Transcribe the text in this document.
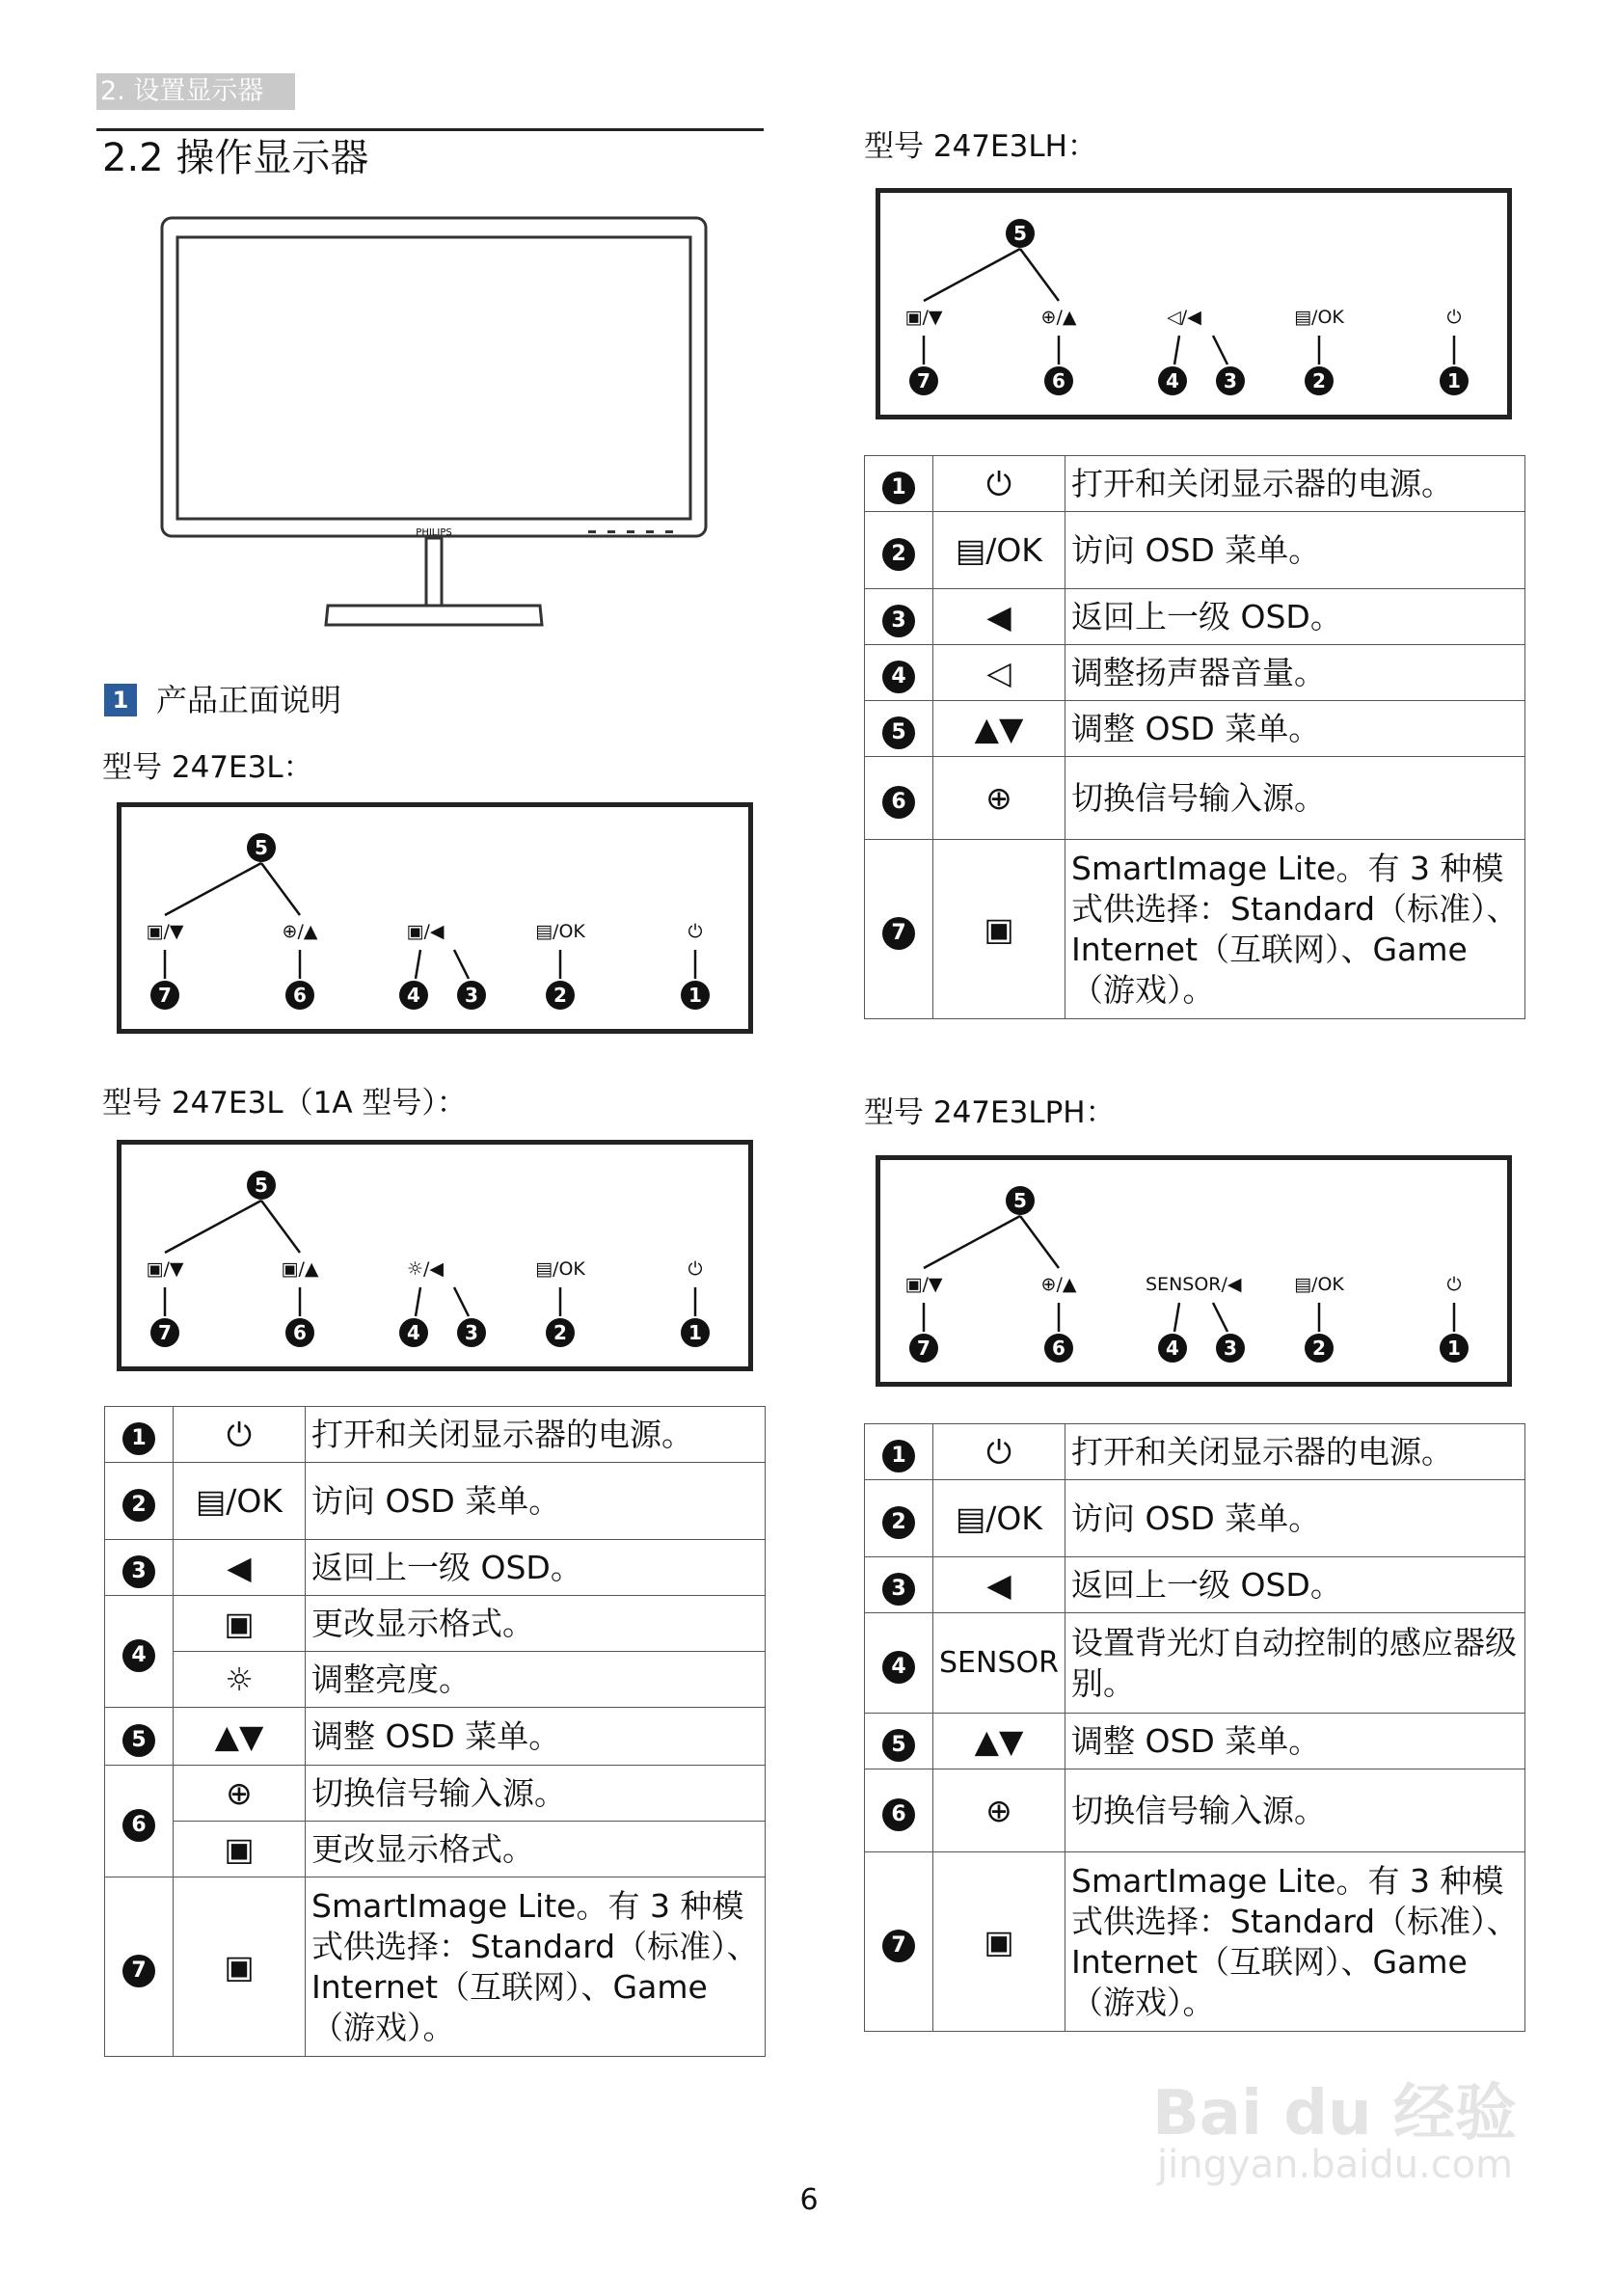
2. 设置显示器
2.2 操作显示器
PHILIPS
1 产品正面说明
型号 247E3L：
型号 247E3L（1A 型号）：
型号 247E3LH：
型号 247E3LPH：
▣/▼	⊕/▲	▣/◀	▤/OK	⏻
7	6	4	3	2	1
5
▣/▼	▣/▲	☼/◀	▤/OK	⏻
7	6	4	3	2	1
5
▣/▼	⊕/▲	◁/◀	▤/OK	⏻
7	6	4	3	2	1
5
▣/▼	⊕/▲	SENSOR/◀	▤/OK	⏻
7	6	4	3	2	1
5
1	⏻	打开和关闭显示器的电源。
2	▤/OK	访问 OSD 菜单。
3	◀	返回上一级 OSD。
4	▣	更改显示格式。
	☼	调整亮度。
5	▲▼	调整 OSD 菜单。
6	⊕	切换信号输入源。
	▣	更改显示格式。
7	▣	SmartImage Lite。有 3 种模式供选择：Standard（标准）、Internet（互联网）、Game（游戏）。
1	⏻	打开和关闭显示器的电源。
2	▤/OK	访问 OSD 菜单。
3	◀	返回上一级 OSD。
4	◁	调整扬声器音量。
5	▲▼	调整 OSD 菜单。
6	⊕	切换信号输入源。
7	▣	SmartImage Lite。有 3 种模式供选择：Standard（标准）、Internet（互联网）、Game（游戏）。
1	⏻	打开和关闭显示器的电源。
2	▤/OK	访问 OSD 菜单。
3	◀	返回上一级 OSD。
4	SENSOR	设置背光灯自动控制的感应器级别。
5	▲▼	调整 OSD 菜单。
6	⊕	切换信号输入源。
7	▣	SmartImage Lite。有 3 种模式供选择：Standard（标准）、Internet（互联网）、Game（游戏）。
6
Bai du 经验
jingyan.baidu.com
